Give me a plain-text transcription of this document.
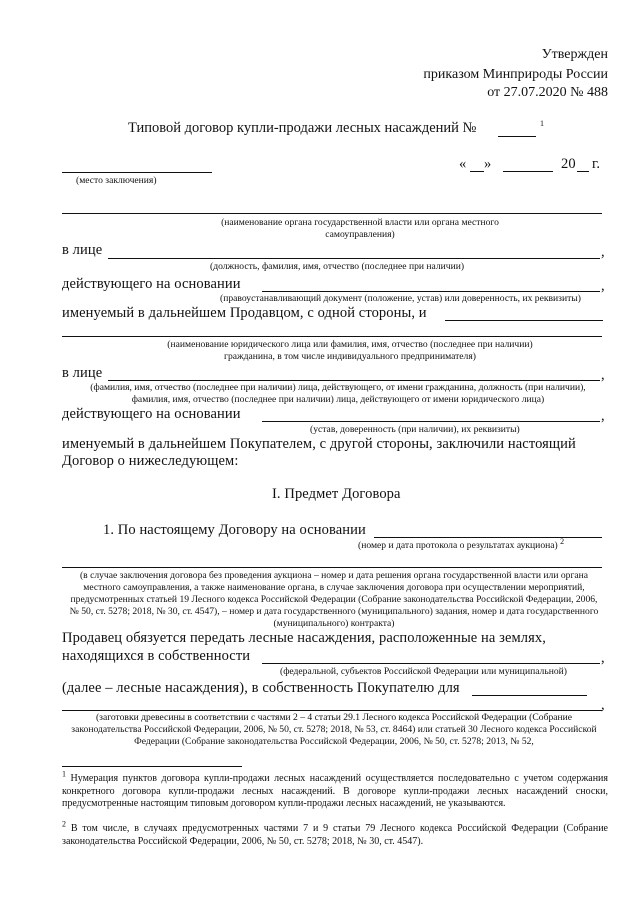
Утвержден
приказом Минприроды России
от 27.07.2020 № 488
Типовой договор купли-продажи лесных насаждений №	1
(место заключения)
« »	20 г.
(наименование органа государственной власти или органа местного самоуправления)
в лице	,
(должность, фамилия, имя, отчество (последнее при наличии)
действующего на основании	,
(правоустанавливающий документ (положение, устав) или доверенность, их реквизиты)
именуемый в дальнейшем Продавцом, с одной стороны, и
(наименование юридического лица или фамилия, имя, отчество (последнее при наличии) гражданина, в том числе индивидуального предпринимателя)
в лице	,
(фамилия, имя, отчество (последнее при наличии) лица, действующего, от имени гражданина, должность (при наличии), фамилия, имя, отчество (последнее при наличии) лица, действующего от имени юридического лица)
действующего на основании	,
(устав, доверенность (при наличии), их реквизиты)
именуемый в дальнейшем Покупателем, с другой стороны, заключили настоящий
Договор о нижеследующем:
I. Предмет Договора
1. По настоящему Договору на основании
(номер и дата протокола о результатах аукциона) $^2$
(в случае заключения договора без проведения аукциона – номер и дата решения органа государственной власти или органа местного самоуправления, а также наименование органа, в случае заключения договора при осуществлении мероприятий, предусмотренных статьей 19 Лесного кодекса Российской Федерации (Собрание законодательства Российской Федерации, 2006, № 50, ст. 5278; 2018, № 30, ст. 4547), – номер и дата государственного (муниципального) задания, номер и дата государственного (муниципального) контракта)
Продавец обязуется передать лесные насаждения, расположенные на землях,
находящихся в собственности	,
(федеральной, субъектов Российской Федерации или муниципальной)
(далее – лесные насаждения), в собственность Покупателю для
,
(заготовки древесины в соответствии с частями 2 – 4 статьи 29.1 Лесного кодекса Российской Федерации (Собрание законодательства Российской Федерации, 2006, № 50, ст. 5278; 2018, № 53, ст. 8464) или статьей 30 Лесного кодекса Российской Федерации (Собрание законодательства Российской Федерации, 2006, № 50, ст. 5278; 2013, № 52,
$^1$ Нумерация пунктов договора купли-продажи лесных насаждений осуществляется последовательно с учетом содержания конкретного договора купли-продажи лесных насаждений. В договоре купли-продажи лесных насаждений сноски, предусмотренные настоящим типовым договором купли-продажи лесных насаждений, не указываются.
$^2$ В том числе, в случаях предусмотренных частями 7 и 9 статьи 79 Лесного кодекса Российской Федерации (Собрание законодательства Российской Федерации, 2006, № 50, ст. 5278; 2018, № 30, ст. 4547).
